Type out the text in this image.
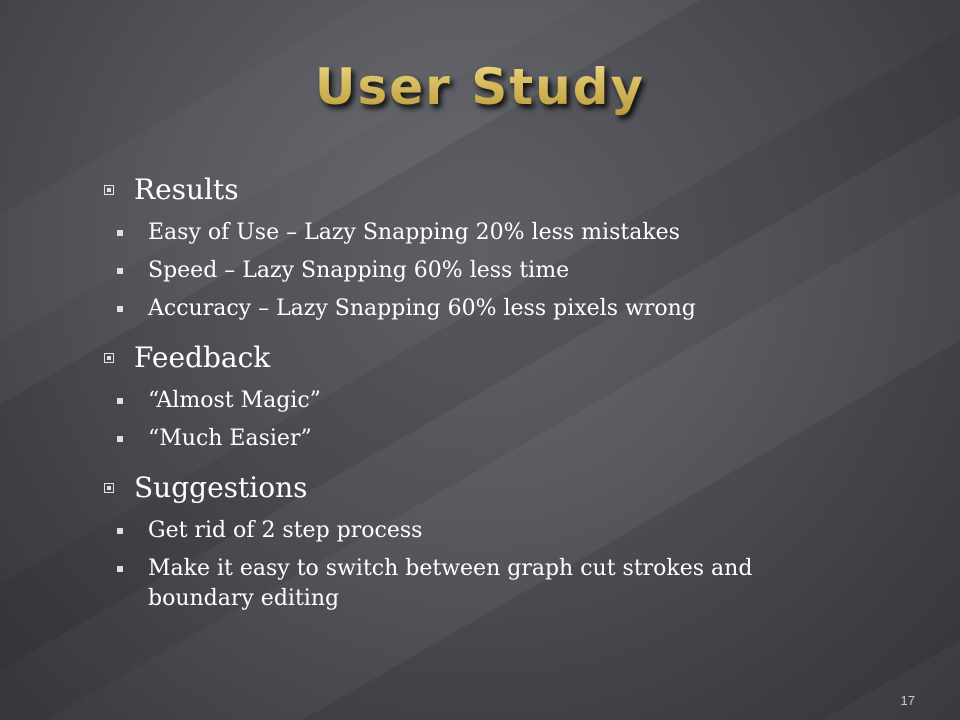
User Study
Results
Easy of Use – Lazy Snapping 20% less mistakes
Speed – Lazy Snapping 60% less time
Accuracy – Lazy Snapping 60% less pixels wrong
Feedback
“Almost Magic”
“Much Easier”
Suggestions
Get rid of 2 step process
Make it easy to switch between graph cut strokes and boundary editing
17
